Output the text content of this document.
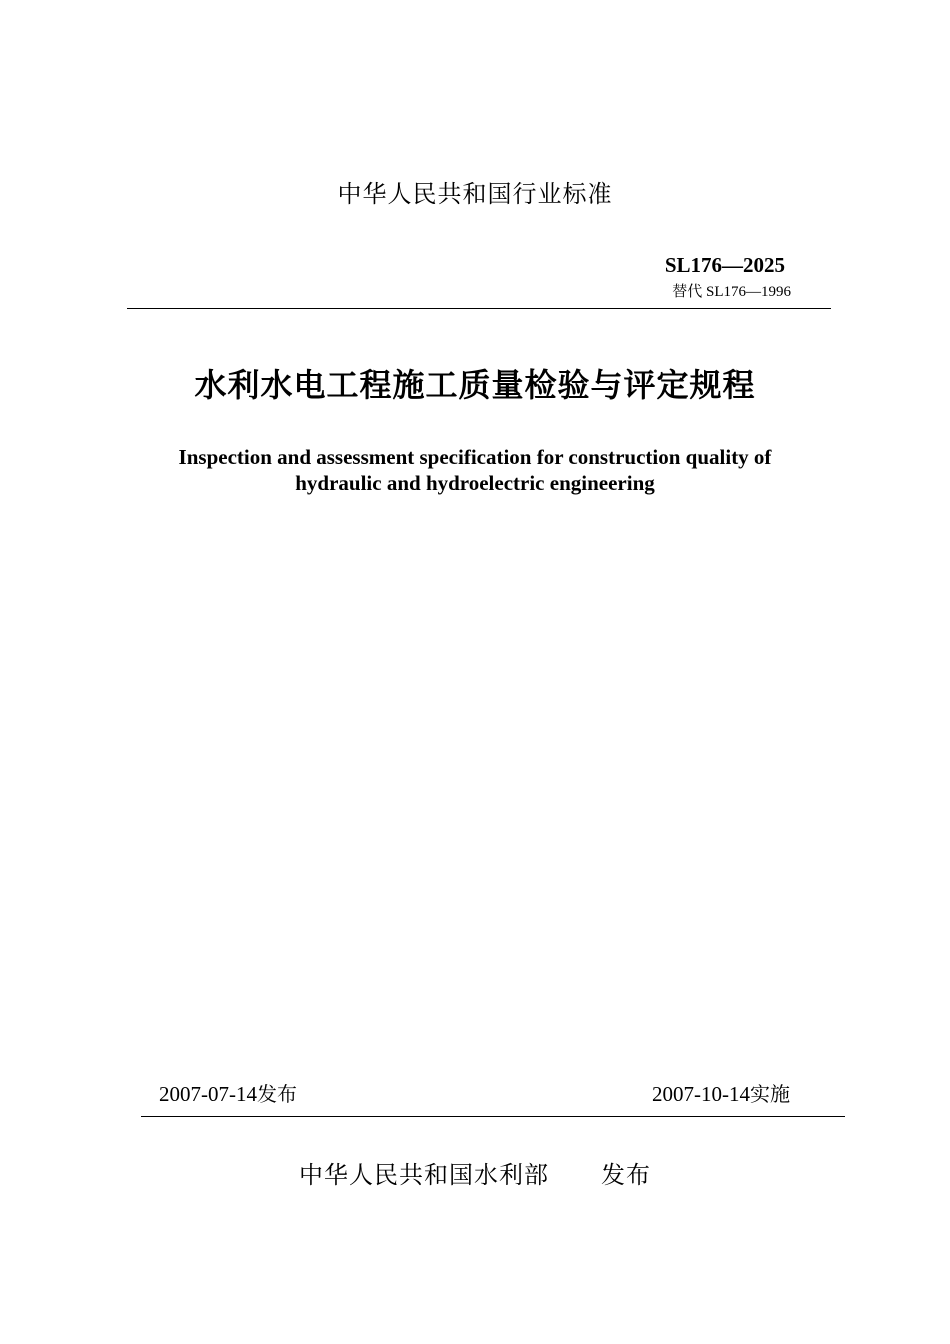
中华人民共和国行业标准
SL176—2025
替代 SL176—1996
水利水电工程施工质量检验与评定规程
Inspection and assessment specification for construction quality of
hydraulic and hydroelectric engineering
2007-07-14发布	2007-10-14实施
中华人民共和国水利部 发布
